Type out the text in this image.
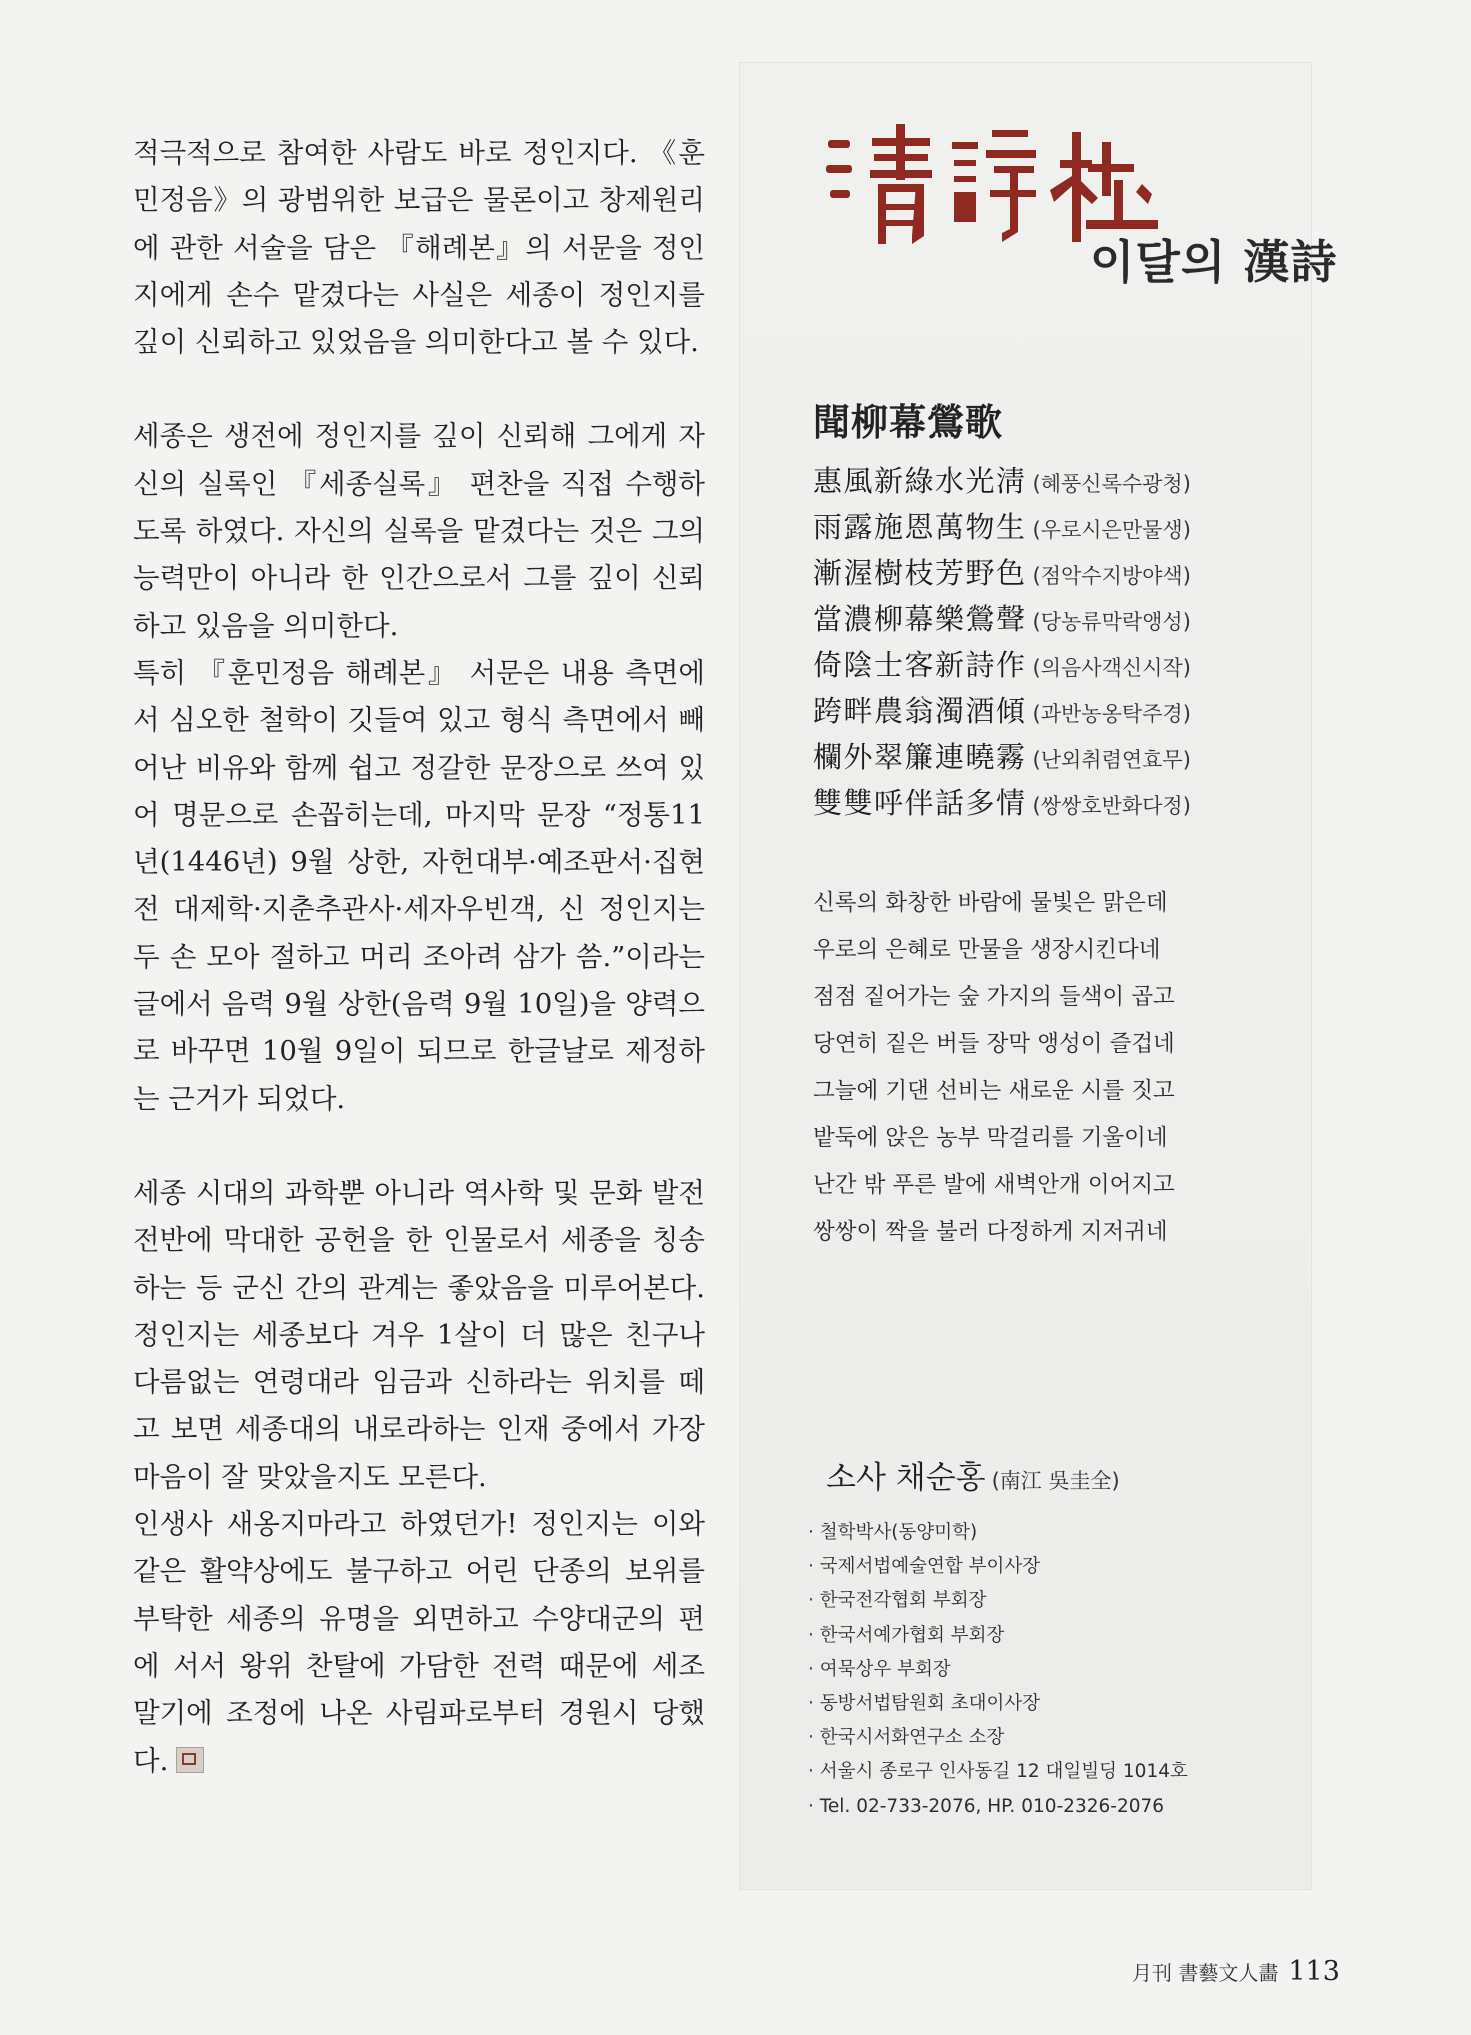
적극적으로 참여한 사람도 바로 정인지다. 《훈민정음》의 광범위한 보급은 물론이고 창제원리에 관한 서술을 담은 『해례본』의 서문을 정인지에게 손수 맡겼다는 사실은 세종이 정인지를 깊이 신뢰하고 있었음을 의미한다고 볼 수 있다.

세종은 생전에 정인지를 깊이 신뢰해 그에게 자신의 실록인 『세종실록』 편찬을 직접 수행하도록 하였다. 자신의 실록을 맡겼다는 것은 그의 능력만이 아니라 한 인간으로서 그를 깊이 신뢰하고 있음을 의미한다.

특히 『훈민정음 해례본』 서문은 내용 측면에서 심오한 철학이 깃들여 있고 형식 측면에서 빼어난 비유와 함께 쉽고 정갈한 문장으로 쓰여 있어 명문으로 손꼽히는데, 마지막 문장 “정통11년(1446년) 9월 상한, 자헌대부·예조판서·집현전 대제학·지춘추관사·세자우빈객, 신 정인지는 두 손 모아 절하고 머리 조아려 삼가 씀.”이라는 글에서 음력 9월 상한(음력 9월 10일)을 양력으로 바꾸면 10월 9일이 되므로 한글날로 제정하는 근거가 되었다.

세종 시대의 과학뿐 아니라 역사학 및 문화 발전 전반에 막대한 공헌을 한 인물로서 세종을 칭송하는 등 군신 간의 관계는 좋았음을 미루어본다. 정인지는 세종보다 겨우 1살이 더 많은 친구나 다름없는 연령대라 임금과 신하라는 위치를 떼고 보면 세종대의 내로라하는 인재 중에서 가장 마음이 잘 맞았을지도 모른다.

인생사 새옹지마라고 하였던가! 정인지는 이와 같은 활약상에도 불구하고 어린 단종의 보위를 부탁한 세종의 유명을 외면하고 수양대군의 편에 서서 왕위 찬탈에 가담한 전력 때문에 세조 말기에 조정에 나온 사림파로부터 경원시 당했다.

靑詩社
이달의 漢詩
聞柳幕鶯歌
惠風新綠水光淸 (혜풍신록수광청)
雨露施恩萬物生 (우로시은만물생)
漸渥樹枝芳野色 (점악수지방야색)
當濃柳幕樂鶯聲 (당농류막락앵성)
倚陰士客新詩作 (의음사객신시작)
跨畔農翁濁酒傾 (과반농옹탁주경)
欄外翠簾連曉霧 (난외취렴연효무)
雙雙呼伴話多情 (쌍쌍호반화다정)
신록의 화창한 바람에 물빛은 맑은데
우로의 은혜로 만물을 생장시킨다네
점점 짙어가는 숲 가지의 들색이 곱고
당연히 짙은 버들 장막 앵성이 즐겁네
그늘에 기댄 선비는 새로운 시를 짓고
밭둑에 앉은 농부 막걸리를 기울이네
난간 밖 푸른 발에 새벽안개 이어지고
쌍쌍이 짝을 불러 다정하게 지저귀네
소사 채순홍 (南江 吳圭全)
· 철학박사(동양미학)
· 국제서법예술연합 부이사장
· 한국전각협회 부회장
· 한국서예가협회 부회장
· 여묵상우 부회장
· 동방서법탐원회 초대이사장
· 한국시서화연구소 소장
· 서울시 종로구 인사동길 12 대일빌딩 1014호
· Tel. 02-733-2076, HP. 010-2326-2076
月刊 書藝文人畵 113
